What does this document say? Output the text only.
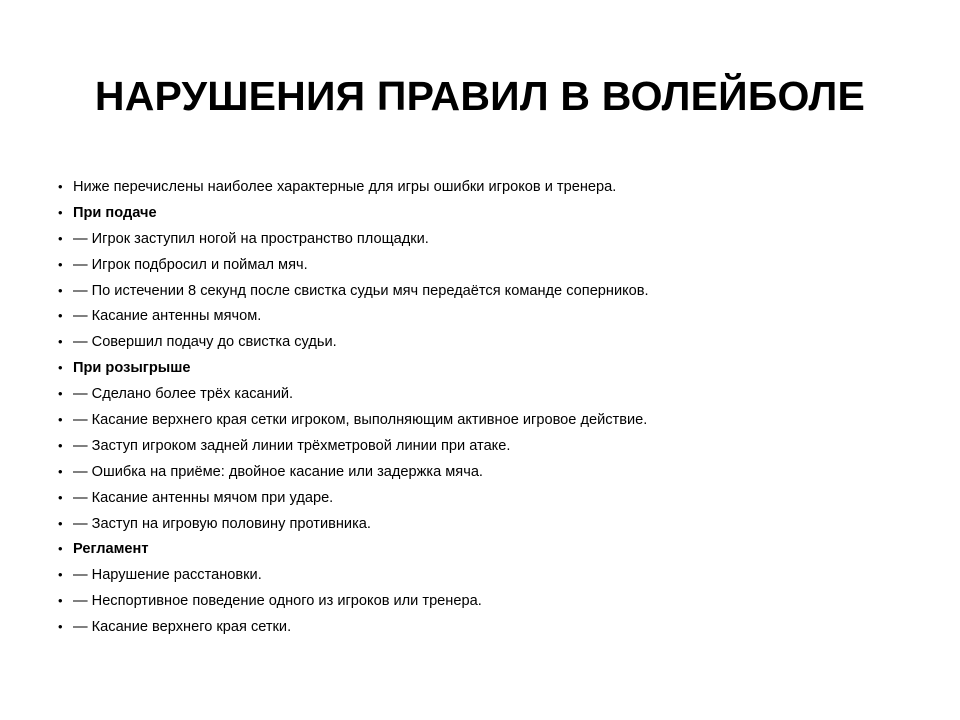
НАРУШЕНИЯ ПРАВИЛ В ВОЛЕЙБОЛЕ
• Ниже перечислены наиболее характерные для игры ошибки игроков и тренера.
• При подаче
• — Игрок заступил ногой на пространство площадки.
• — Игрок подбросил и поймал мяч.
• — По истечении 8 секунд после свистка судьи мяч передаётся команде соперников.
• — Касание антенны мячом.
• — Совершил подачу до свистка судьи.
• При розыгрыше
• — Сделано более трёх касаний.
• — Касание верхнего края сетки игроком, выполняющим активное игровое действие.
• — Заступ игроком задней линии трёхметровой линии при атаке.
• — Ошибка на приёме: двойное касание или задержка мяча.
• — Касание антенны мячом при ударе.
• — Заступ на игровую половину противника.
• Регламент
• — Нарушение расстановки.
• — Неспортивное поведение одного из игроков или тренера.
• — Касание верхнего края сетки.
